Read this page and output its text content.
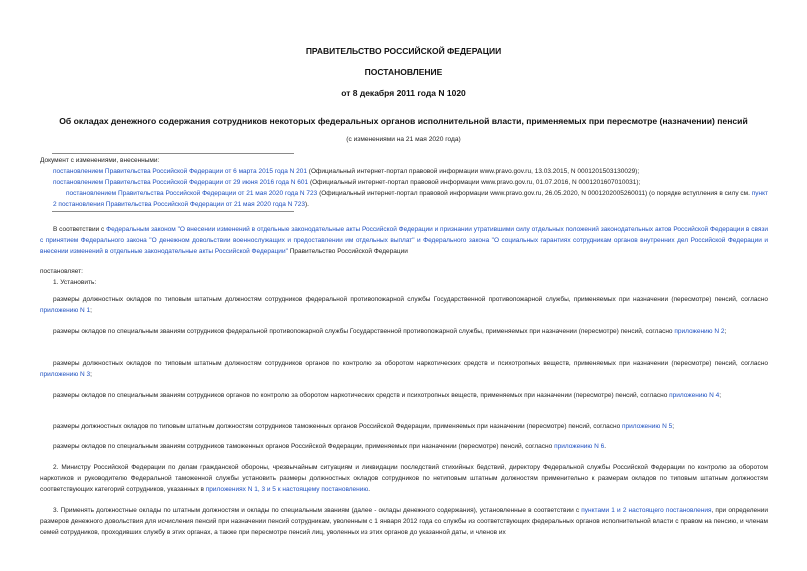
ПРАВИТЕЛЬСТВО РОССИЙСКОЙ ФЕДЕРАЦИИ
ПОСТАНОВЛЕНИЕ
от 8 декабря 2011 года N 1020
Об окладах денежного содержания сотрудников некоторых федеральных органов исполнительной власти, применяемых при пересмотре (назначении) пенсий
(с изменениями на 21 мая 2020 года)

Документ с изменениями, внесенными:

постановлением Правительства Российской Федерации от 6 марта 2015 года N 201 (Официальный интернет-портал правовой информации www.pravo.gov.ru, 13.03.2015, N 0001201503130029);

постановлением Правительства Российской Федерации от 29 июня 2016 года N 601 (Официальный интернет-портал правовой информации www.pravo.gov.ru, 01.07.2016, N 0001201607010031);

постановлением Правительства Российской Федерации от 21 мая 2020 года N 723 (Официальный интернет-портал правовой информации www.pravo.gov.ru, 26.05.2020, N 0001202005260011) (о порядке вступления в силу см. пункт 2 постановления Правительства Российской Федерации от 21 мая 2020 года N 723).

В соответствии с Федеральным законом "О внесении изменений в отдельные законодательные акты Российской Федерации и признании утратившими силу отдельных положений законодательных актов Российской Федерации в связи с принятием Федерального закона "О денежном довольствии военнослужащих и предоставлении им отдельных выплат" и Федерального закона "О социальных гарантиях сотрудникам органов внутренних дел Российской Федерации и внесении изменений в отдельные законодательные акты Российской Федерации" Правительство Российской Федерации

постановляет:

1. Установить:

размеры должностных окладов по типовым штатным должностям сотрудников федеральной противопожарной службы Государственной противопожарной службы, применяемых при назначении (пересмотре) пенсий, согласно приложению N 1;

размеры окладов по специальным званиям сотрудников федеральной противопожарной службы Государственной противопожарной службы, применяемых при назначении (пересмотре) пенсий, согласно приложению N 2;

размеры должностных окладов по типовым штатным должностям сотрудников органов по контролю за оборотом наркотических средств и психотропных веществ, применяемых при назначении (пересмотре) пенсий, согласно приложению N 3;

размеры окладов по специальным званиям сотрудников органов по контролю за оборотом наркотических средств и психотропных веществ, применяемых при назначении (пересмотре) пенсий, согласно приложению N 4;

размеры должностных окладов по типовым штатным должностям сотрудников таможенных органов Российской Федерации, применяемых при назначении (пересмотре) пенсий, согласно приложению N 5;

размеры окладов по специальным званиям сотрудников таможенных органов Российской Федерации, применяемых при назначении (пересмотре) пенсий, согласно приложению N 6.

2. Министру Российской Федерации по делам гражданской обороны, чрезвычайным ситуациям и ликвидации последствий стихийных бедствий, директору Федеральной службы Российской Федерации по контролю за оборотом наркотиков и руководителю Федеральной таможенной службы установить размеры должностных окладов сотрудников по нетиповым штатным должностям применительно к размерам окладов по типовым штатным должностям соответствующих категорий сотрудников, указанных в приложениях N 1, 3 и 5 к настоящему постановлению.

3. Применять должностные оклады по штатным должностям и оклады по специальным званиям (далее - оклады денежного содержания), установленные в соответствии с пунктами 1 и 2 настоящего постановления, при определении размеров денежного довольствия для исчисления пенсий при назначении пенсий сотрудникам, уволенным с 1 января 2012 года со службы из соответствующих федеральных органов исполнительной власти с правом на пенсию, и членам семей сотрудников, проходивших службу в этих органах, а также при пересмотре пенсий лиц, уволенных из этих органов до указанной даты, и членов их
